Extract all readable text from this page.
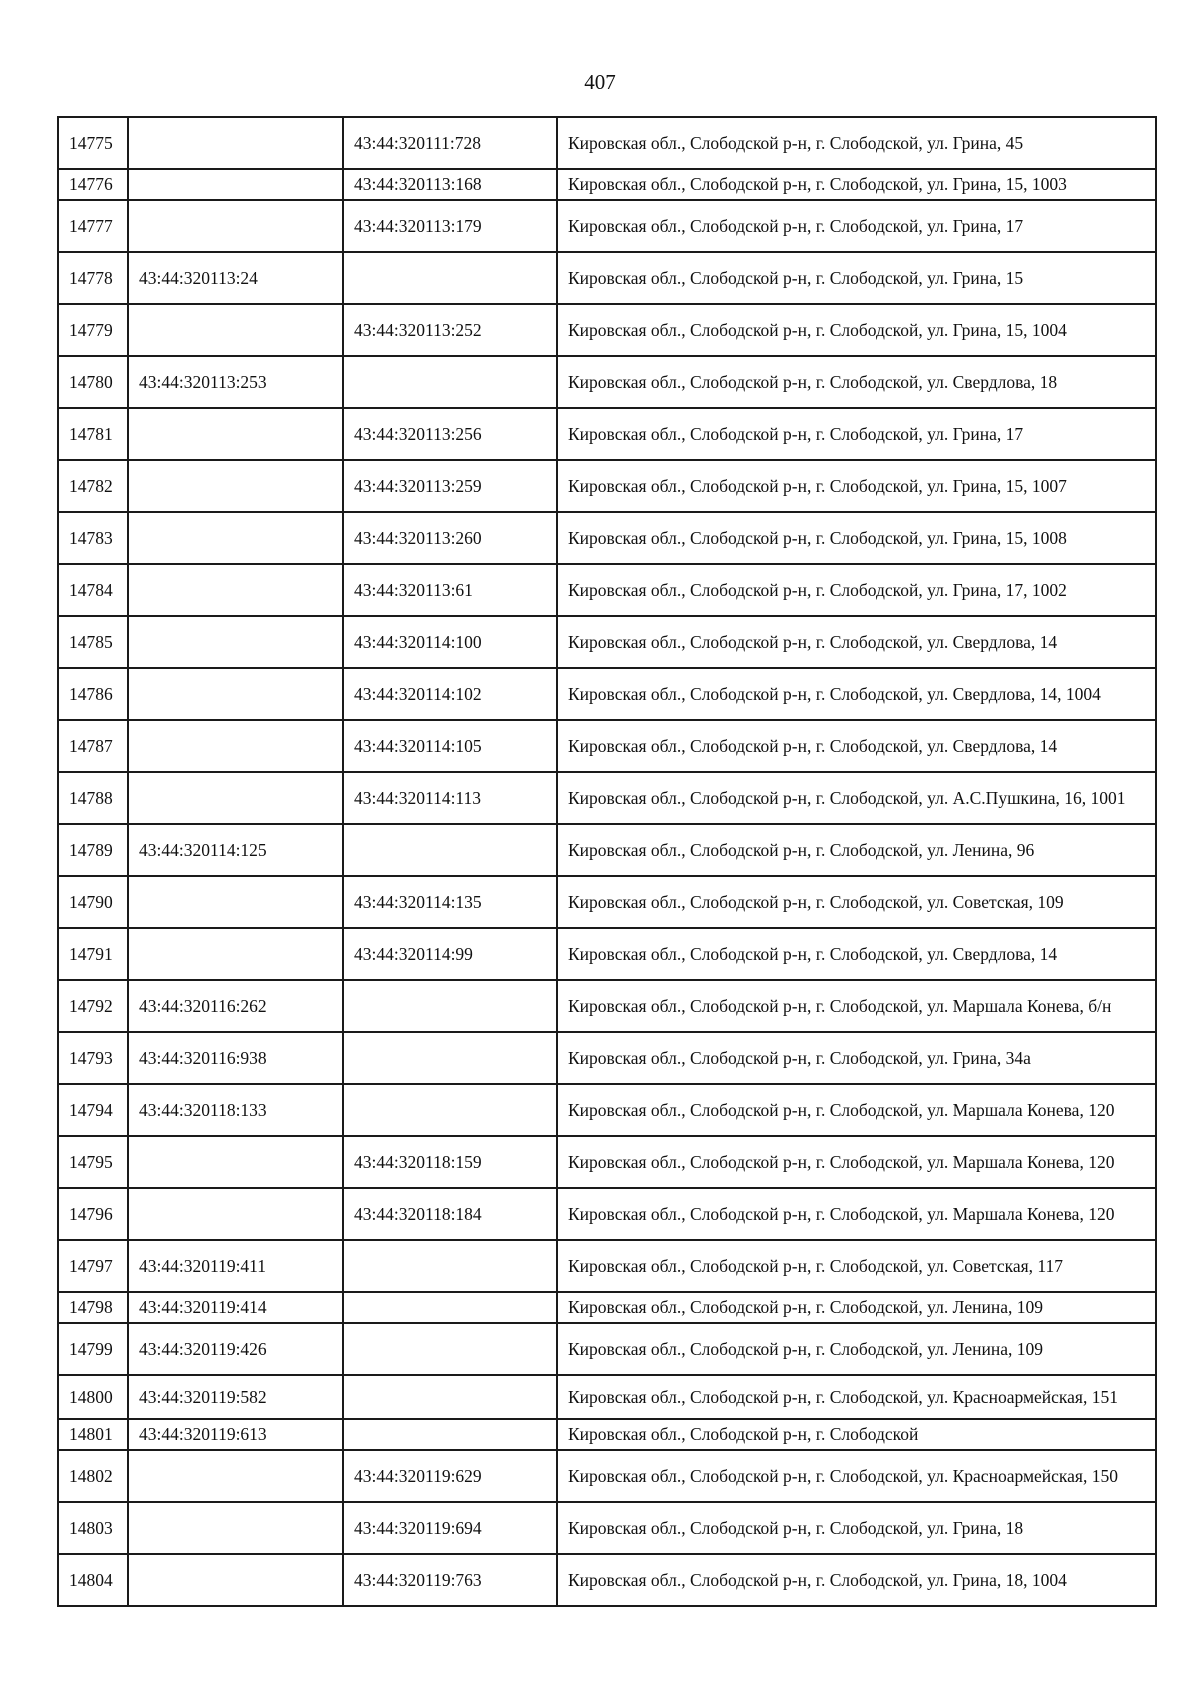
407
14775		43:44:320111:728	Кировская обл., Слободской р-н, г. Слободской, ул. Грина, 45
14776		43:44:320113:168	Кировская обл., Слободской р-н, г. Слободской, ул. Грина, 15, 1003
14777		43:44:320113:179	Кировская обл., Слободской р-н, г. Слободской, ул. Грина, 17
14778	43:44:320113:24		Кировская обл., Слободской р-н, г. Слободской, ул. Грина, 15
14779		43:44:320113:252	Кировская обл., Слободской р-н, г. Слободской, ул. Грина, 15, 1004
14780	43:44:320113:253		Кировская обл., Слободской р-н, г. Слободской, ул. Свердлова, 18
14781		43:44:320113:256	Кировская обл., Слободской р-н, г. Слободской, ул. Грина, 17
14782		43:44:320113:259	Кировская обл., Слободской р-н, г. Слободской, ул. Грина, 15, 1007
14783		43:44:320113:260	Кировская обл., Слободской р-н, г. Слободской, ул. Грина, 15, 1008
14784		43:44:320113:61	Кировская обл., Слободской р-н, г. Слободской, ул. Грина, 17, 1002
14785		43:44:320114:100	Кировская обл., Слободской р-н, г. Слободской, ул. Свердлова, 14
14786		43:44:320114:102	Кировская обл., Слободской р-н, г. Слободской, ул. Свердлова, 14, 1004
14787		43:44:320114:105	Кировская обл., Слободской р-н, г. Слободской, ул. Свердлова, 14
14788		43:44:320114:113	Кировская обл., Слободской р-н, г. Слободской, ул. А.С.Пушкина, 16, 1001
14789	43:44:320114:125		Кировская обл., Слободской р-н, г. Слободской, ул. Ленина, 96
14790		43:44:320114:135	Кировская обл., Слободской р-н, г. Слободской, ул. Советская, 109
14791		43:44:320114:99	Кировская обл., Слободской р-н, г. Слободской, ул. Свердлова, 14
14792	43:44:320116:262		Кировская обл., Слободской р-н, г. Слободской, ул. Маршала Конева, б/н
14793	43:44:320116:938		Кировская обл., Слободской р-н, г. Слободской, ул. Грина, 34а
14794	43:44:320118:133		Кировская обл., Слободской р-н, г. Слободской, ул. Маршала Конева, 120
14795		43:44:320118:159	Кировская обл., Слободской р-н, г. Слободской, ул. Маршала Конева, 120
14796		43:44:320118:184	Кировская обл., Слободской р-н, г. Слободской, ул. Маршала Конева, 120
14797	43:44:320119:411		Кировская обл., Слободской р-н, г. Слободской, ул. Советская, 117
14798	43:44:320119:414		Кировская обл., Слободской р-н, г. Слободской, ул. Ленина, 109
14799	43:44:320119:426		Кировская обл., Слободской р-н, г. Слободской, ул. Ленина, 109
14800	43:44:320119:582		Кировская обл., Слободской р-н, г. Слободской, ул. Красноармейская, 151
14801	43:44:320119:613		Кировская обл., Слободской р-н, г. Слободской
14802		43:44:320119:629	Кировская обл., Слободской р-н, г. Слободской, ул. Красноармейская, 150
14803		43:44:320119:694	Кировская обл., Слободской р-н, г. Слободской, ул. Грина, 18
14804		43:44:320119:763	Кировская обл., Слободской р-н, г. Слободской, ул. Грина, 18, 1004
